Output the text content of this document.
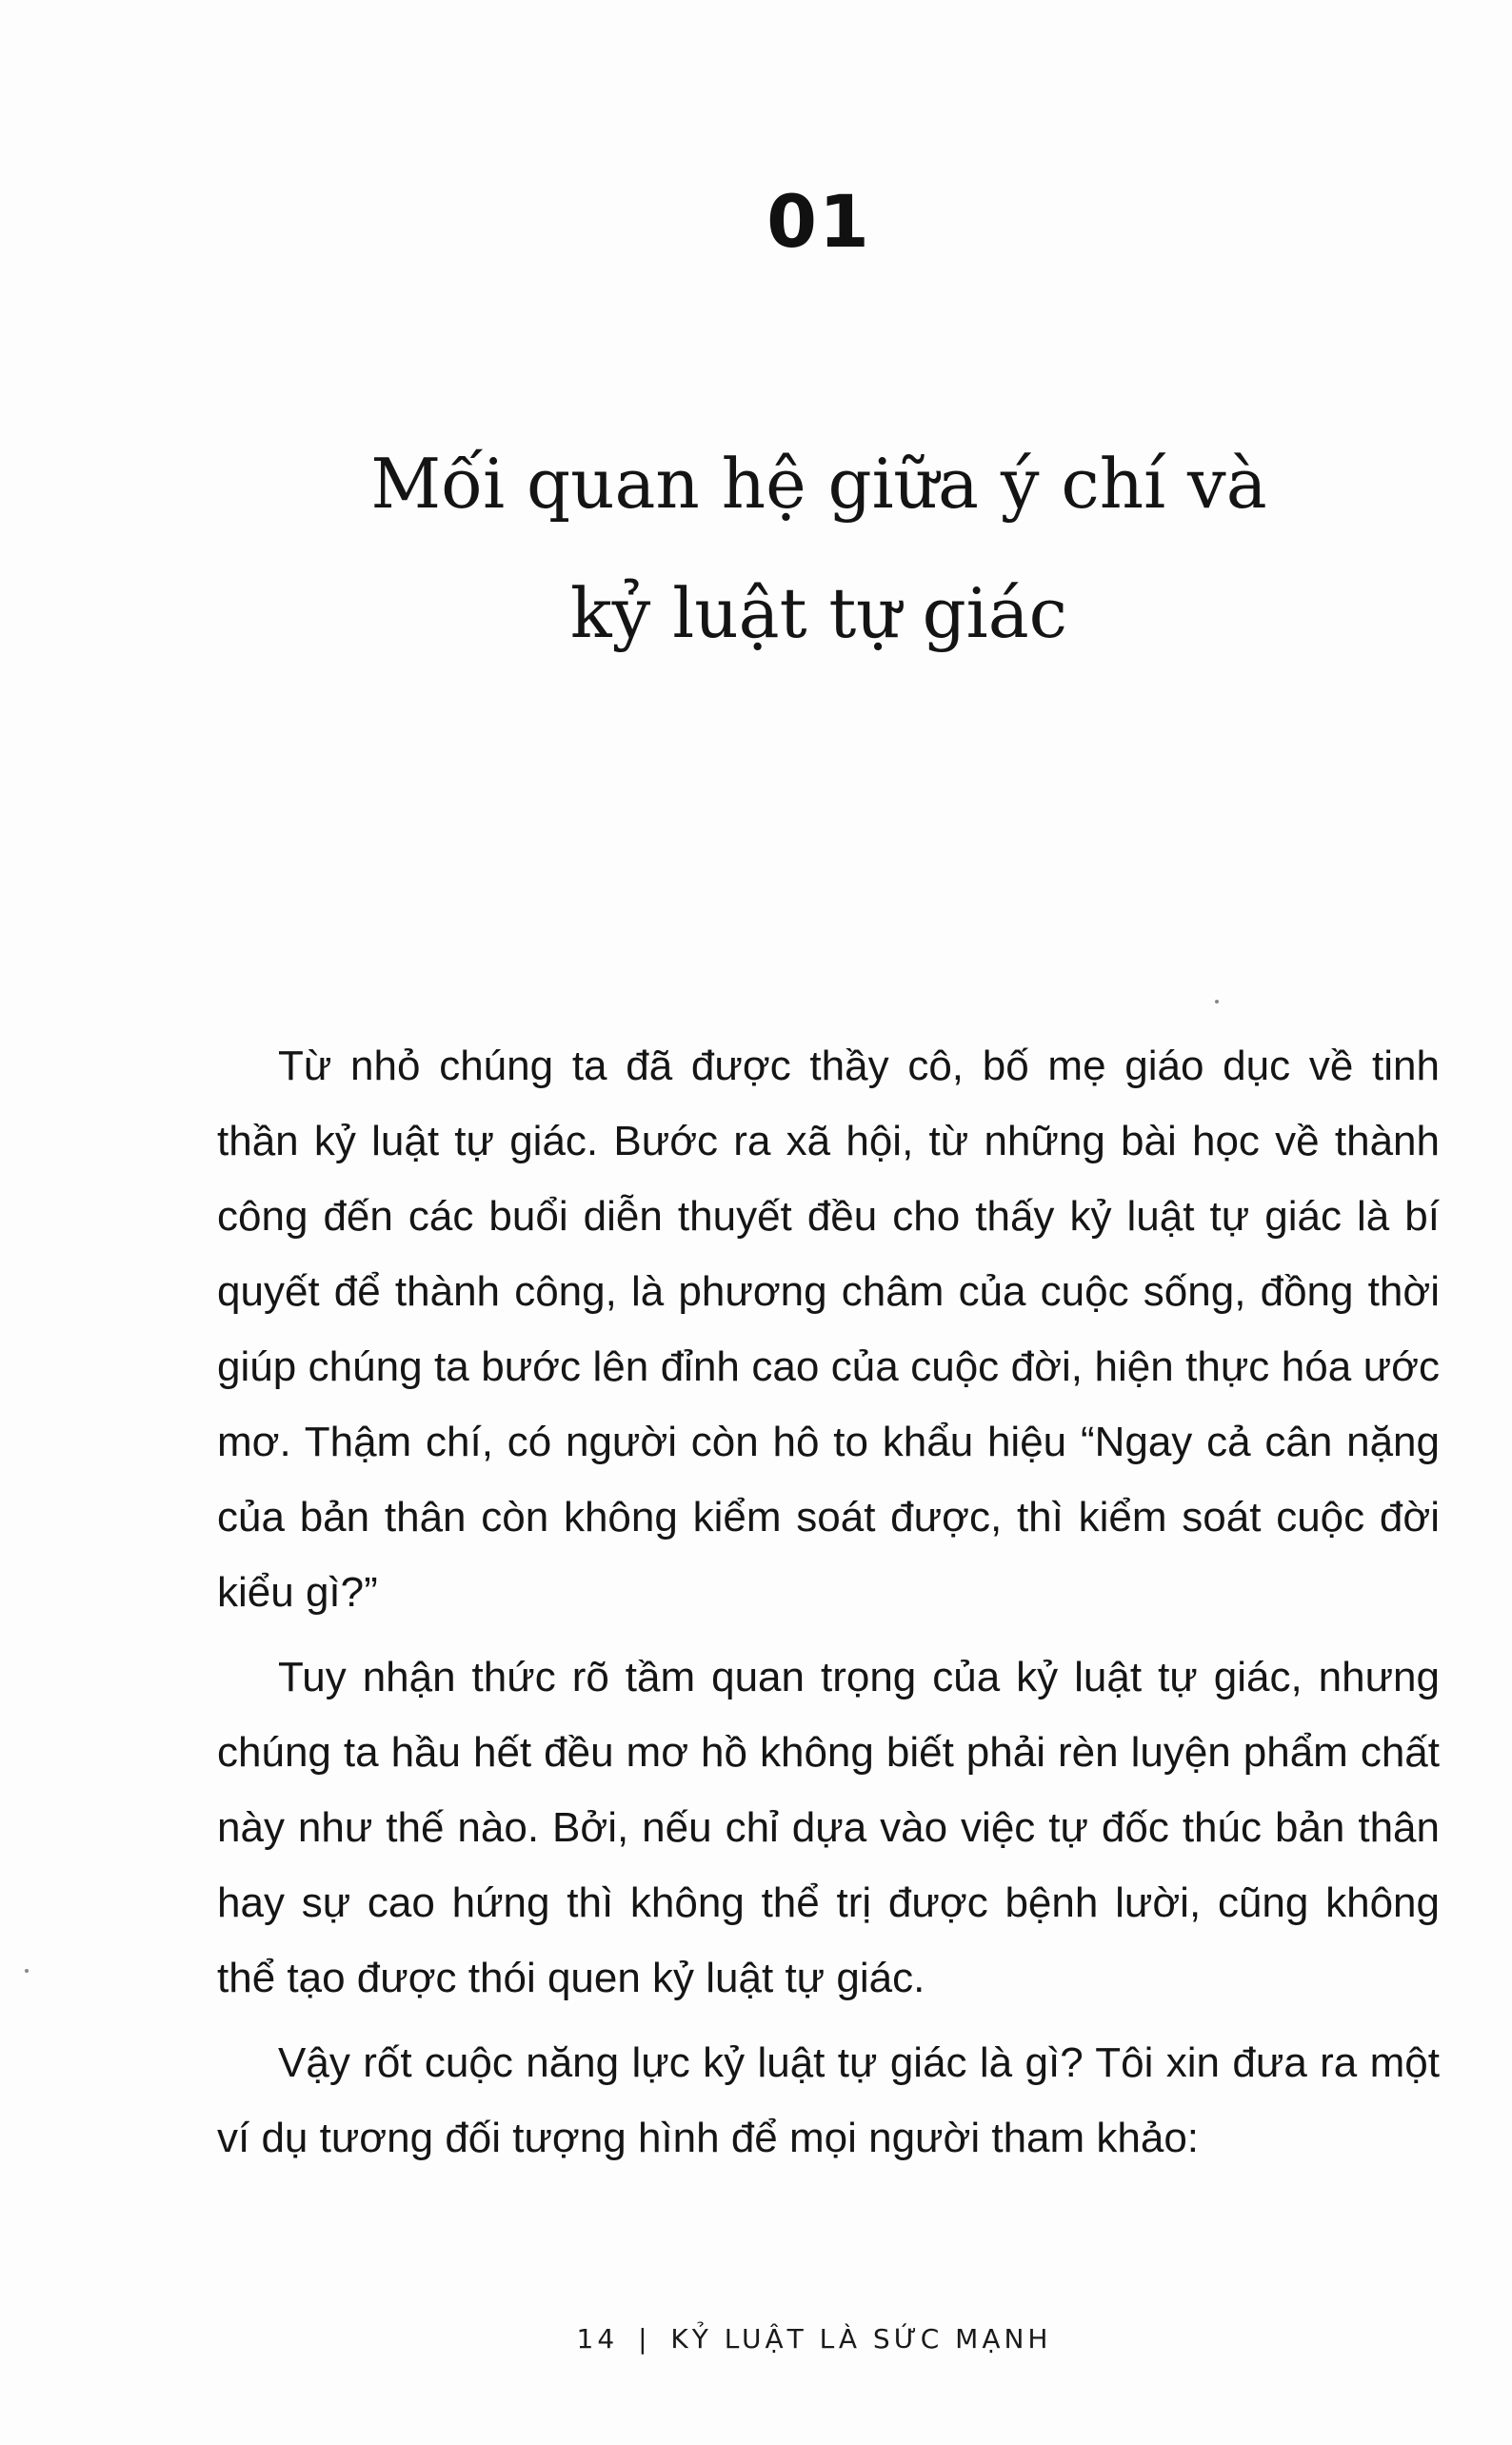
01
Mối quan hệ giữa ý chí và
kỷ luật tự giác

Từ nhỏ chúng ta đã được thầy cô, bố mẹ giáo dục về tinh thần kỷ luật tự giác. Bước ra xã hội, từ những bài học về thành công đến các buổi diễn thuyết đều cho thấy kỷ luật tự giác là bí quyết để thành công, là phương châm của cuộc sống, đồng thời giúp chúng ta bước lên đỉnh cao của cuộc đời, hiện thực hóa ước mơ. Thậm chí, có người còn hô to khẩu hiệu “Ngay cả cân nặng của bản thân còn không kiểm soát được, thì kiểm soát cuộc đời kiểu gì?”

Tuy nhận thức rõ tầm quan trọng của kỷ luật tự giác, nhưng chúng ta hầu hết đều mơ hồ không biết phải rèn luyện phẩm chất này như thế nào. Bởi, nếu chỉ dựa vào việc tự đốc thúc bản thân hay sự cao hứng thì không thể trị được bệnh lười, cũng không thể tạo được thói quen kỷ luật tự giác.

Vậy rốt cuộc năng lực kỷ luật tự giác là gì? Tôi xin đưa ra một ví dụ tương đối tượng hình để mọi người tham khảo:

14 | KỶ LUẬT LÀ SỨC MẠNH
